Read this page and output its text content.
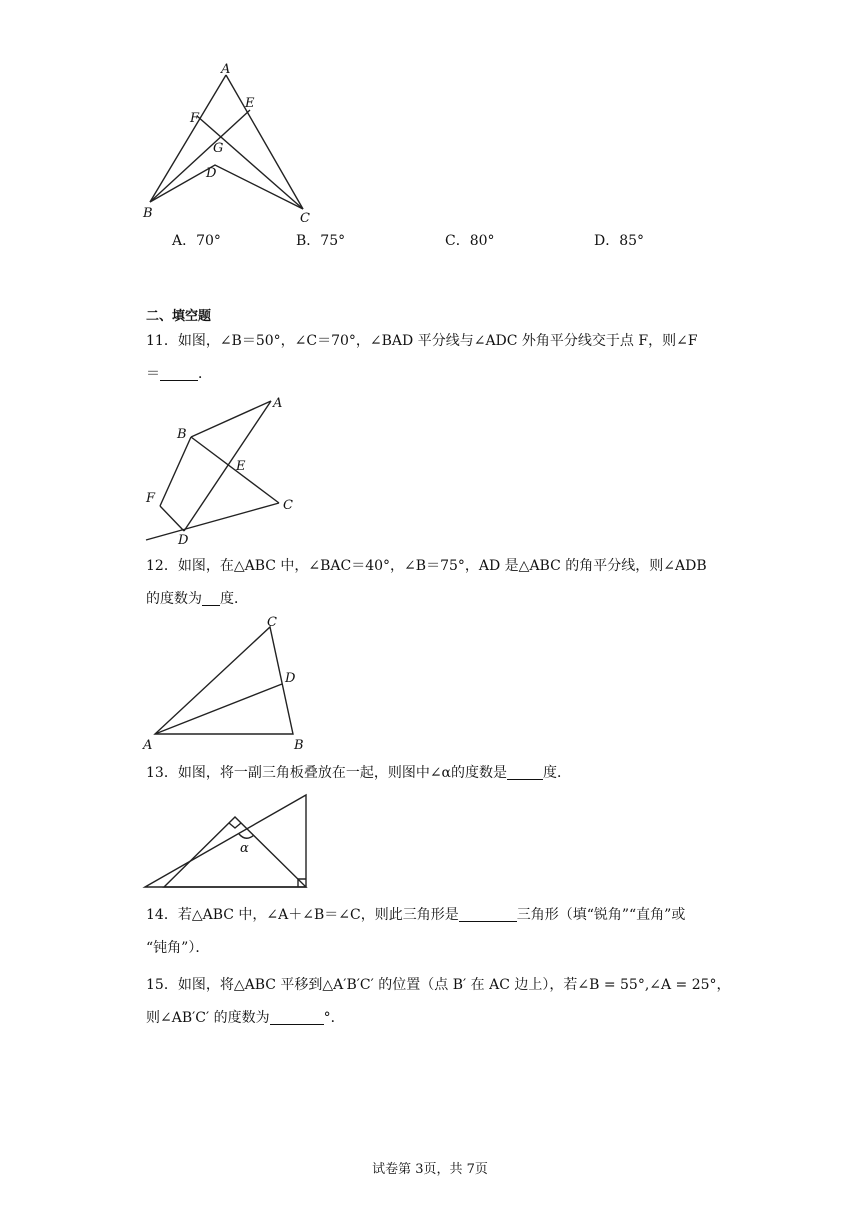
A
E
F
G
D
B	C
A．70°	B．75°	C．80°	D．85°
二、填空题
11．如图，∠B＝50°，∠C＝70°，∠BAD 平分线与∠ADC 外角平分线交于点 F，则∠F
＝	．
A
B
E
F	C
D
12．如图，在△ABC 中，∠BAC＝40°，∠B＝75°，AD 是△ABC 的角平分线，则∠ADB
的度数为 度．
C
D
A	B
13．如图，将一副三角板叠放在一起，则图中∠α的度数是	度．
α
14．若△ABC 中，∠A＋∠B＝∠C，则此三角形是	三角形（填“锐角”“直角”或
“钝角”）．
15．如图，将△ABC 平移到△A′B′C′ 的位置（点 B′ 在 AC 边上），若∠B = 55°,∠A = 25°，
则∠AB′C′ 的度数为	°．
试卷第 3页，共 7页
